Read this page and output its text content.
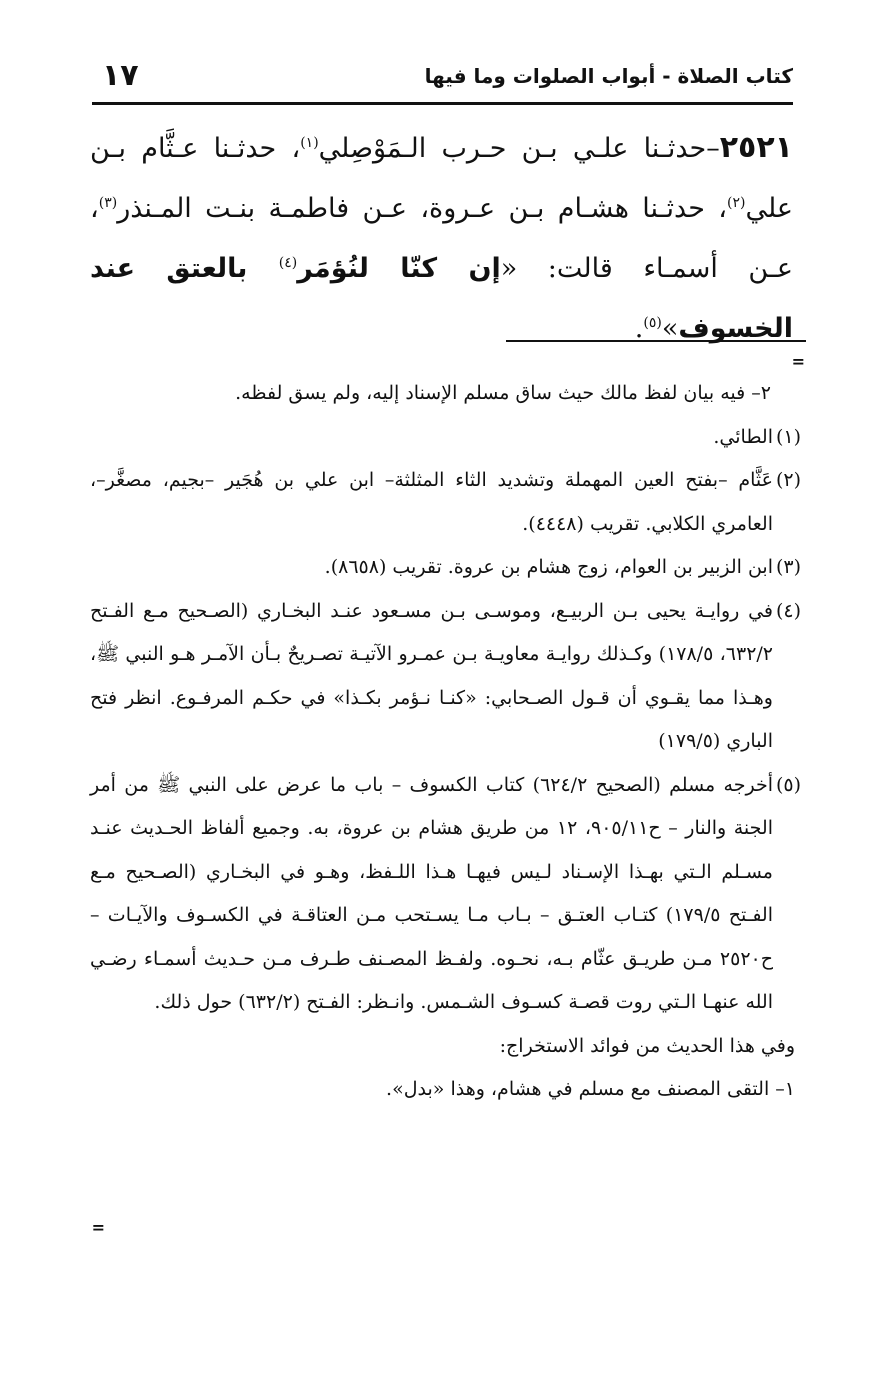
كتاب الصلاة - أبواب الصلوات وما فيها
١٧

٢٥٢١–حدثـنا علـي بـن حـرب الـمَوْصِلي$^{(١)}$، حدثـنا عـثَّام بـن علي$^{(٢)}$، حدثـنا هشـام بـن عـروة، عـن فاطمـة بنـت المـنذر$^{(٣)}$، عـن أسمـاء قالت: «إن كنّا لنُؤمَر$^{(٤)}$ بالعتق عند الخسوف»$^{(٥)}$.

=

٢– فيه بيان لفظ مالك حيث ساق مسلم الإسناد إليه، ولم يسق لفظه.

(١)الطائي.

(٢)عَثَّام –بفتح العين المهملة وتشديد الثاء المثلثة– ابن علي بن هُجَير –بجيم، مصغَّر–، العامري الكلابي. تقريب (٤٤٤٨).

(٣)ابن الزبير بن العوام، زوج هشام بن عروة. تقريب (٨٦٥٨).

(٤)في روايـة يحيى بـن الربيـع، وموسـى بـن مسـعود عنـد البخـاري (الصـحيح مـع الفـتح ٦٣٢/٢، ١٧٨/٥) وكـذلك روايـة معاويـة بـن عمـرو الآتيـة تصـريحٌ بـأن الآمـر هـو النبي ﷺ، وهـذا مما يقـوي أن قـول الصـحابي: «كنـا نـؤمر بكـذا» في حكـم المرفـوع. انظر فتح الباري (١٧٩/٥)

(٥)أخرجه مسلم (الصحيح ٦٢٤/٢) كتاب الكسوف – باب ما عرض على النبي ﷺ من أمر الجنة والنار – ح٩٠٥/١١، ١٢ من طريق هشام بن عروة، به. وجميع ألفاظ الحـديث عنـد مسـلم الـتي بهـذا الإسـناد لـيس فيهـا هـذا اللـفظ، وهـو في البخـاري (الصـحيح مـع الفـتح ١٧٩/٥) كتـاب العتـق – بـاب مـا يسـتحب مـن العتاقـة في الكسـوف والآيـات – ح٢٥٢٠ مـن طريـق عثّام بـه، نحـوه. ولفـظ المصـنف طـرف مـن حـديث أسمـاء رضـي الله عنهـا الـتي روت قصـة كسـوف الشـمس. وانـظر: الفـتح (٦٣٢/٢) حول ذلك.

وفي هذا الحديث من فوائد الاستخراج:

١– التقى المصنف مع مسلم في هشام، وهذا «بدل».

=
